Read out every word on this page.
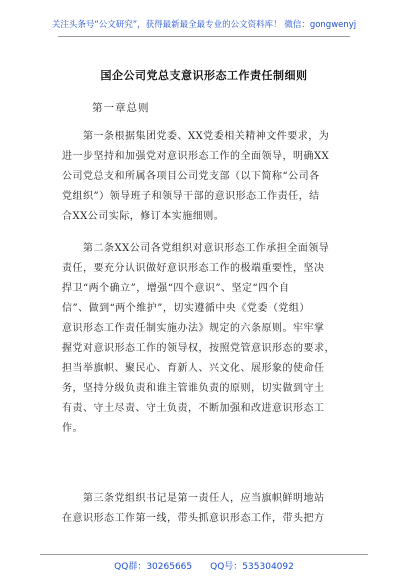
关注头条号“公文研究”，获得最新最全最专业的公文资料库！ 微信：gongwenyj
国企公司党总支意识形态工作责任制细则
第一章总则
第一条根据集团党委、XX党委相关精神文件要求，为
进一步坚持和加强党对意识形态工作的全面领导，明确XX
公司党总支和所属各项目公司党支部（以下简称“公司各
党组织”）领导班子和领导干部的意识形态工作责任，结
合XX公司实际，修订本实施细则。
第二条XX公司各党组织对意识形态工作承担全面领导
责任，要充分认识做好意识形态工作的极端重要性，坚决
捍卫“两个确立”，增强“四个意识”、坚定“四个自
信”、做到“两个维护”，切实遵循中央《党委（党组）
意识形态工作责任制实施办法》规定的六条原则。牢牢掌
握党对意识形态工作的领导权，按照党管意识形态的要求，
担当举旗帜、聚民心、育新人、兴文化、展形象的使命任
务，坚持分级负责和谁主管谁负责的原则，切实做到守土
有责、守土尽责、守土负责，不断加强和改进意识形态工
作。
第三条党组织书记是第一责任人，应当旗帜鲜明地站
在意识形态工作第一线，带头抓意识形态工作，带头把方
QQ群：30265665 QQ号：535304092
